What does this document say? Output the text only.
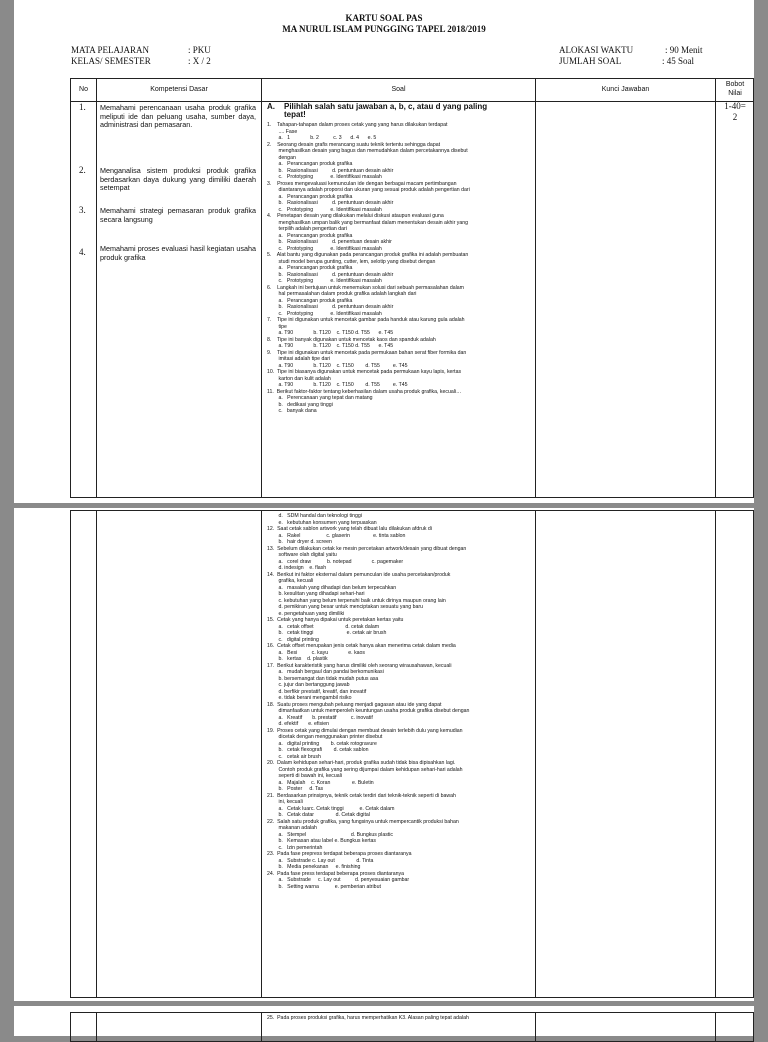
KARTU SOAL PAS
MA NURUL ISLAM PUNGGING TAPEL 2018/2019
MATA PELAJARAN	: PKU
KELAS/ SEMESTER	: X / 2
ALOKASI WAKTU	: 90 Menit
JUMLAH SOAL	: 45 Soal
No	Kompetensi Dasar	Soal	Kunci Jawaban
Bobot
Nilai
1. Memahami perencanaan usaha produk grafika meliputi ide dan peluang usaha, sumber daya, administrasi dan pemasaran.
2. Menganalisa sistem produksi produk grafika berdasarkan daya dukung yang dimiliki daerah setempat
3. Memahami strategi pemasaran produk grafika secara langsung
4. Memahami proses evaluasi hasil kegiatan usaha produk grafika
A. Pilihlah salah satu jawaban a, b, c, atau d yang paling
tepat!
1.    Tahapan-tahapan dalam proses cetak yang yang harus dilakukan terdapat
.... Fase
a.   1              b. 2          c. 3      d. 4      e. 5
2.    Seorang desain grafis merancang suatu teknik tertentu sehingga dapat
menghasilkan desain yang bagus dan memudahkan dalam percetakannya disebut
dengan
a.   Perancangan produk grafika
b.   Rasionalisasi          d. pentuntuan desain akhir
c.   Prototyping            e. Identifikasi masalah
3.    Proses mengevaluasi kemunculan ide dengan berbagai macam pertimbangan
diantaranya adalah proporsi dan ukuran yang sesuai produk adalah pengertian dari
a.   Perancangan produk grafika
b.   Rasionalisasi          d. pentuntuan desain akhir
c.   Prototyping            e. Identifikasi masalah
4.    Penetapan desain yang dilakukan melalui diskusi ataupun evaluasi guna
menghasilkan umpan balik yang bermanfaat dalam menentukan desain akhir yang
terpilih adalah pengertian dari
a.   Perancangan produk grafika
b.   Rasionalisasi          d. penentuan desain akhir
c.   Prototyping            e. Identifikasi masalah
5.    Alat bantu yang digunakan pada perancangan produk grafika ini adalah pembuatan
studi model berupa gunting, cutter, lem, selotip yang disebut dengan
a.   Perancangan produk grafika
b.   Rasionalisasi          d. pentuntuan desain akhir
c.   Prototyping            e. Identifikasi masalah
6.    Langkah ini bertujuan untuk menemukan solusi dari sebuah permasalahan dalam
hal permasalahan dalam produk grafika adalah langkah dari
a.   Perancangan produk grafika
b.   Rasionalisasi          d. pentuntuan desain akhir
c.   Prototyping            e. Identifikasi masalah
7.    Tipe ini digunakan untuk mencetak gambar pada handuk atau karung gula adalah
tipe
a. T90              b. T120    c. T150 d. T55      e. T45
8.    Tipe ini banyak digunakan untuk mencetak kaos dan spanduk adalah
a. T90              b. T120    c. T150 d. T55      e. T45
9.    Tipe ini digunakan untuk mencetak pada permukaan bahan serat fiber formika dan
imitasi adalah tipe dari
a. T90              b. T120    c. T150        d. T55         e. T45
10.  Tipe ini biasanya digunakan untuk mencetak pada permukaan kayu lapis, kertas
karton dan kulit adalah
a. T90              b. T120    c. T150        d. T55         e. T45
11.  Berikut faktor-faktor tentang keberhasilan dalam usaha produk grafika, kecuali…
a.   Perencanaan yang tepat dan matang
b.   dedikasi yang tinggi
c.   banyak dana
1-40=
2
d.   SDM handal dan teknologi tinggi
e.   kebutuhan konsumen yang terpuaskan
12.  Saat cetak sablon artwork yang telah dibuat lalu dilakukan afdruk di
a.   Rakel                  c. glaserin                e. tinta sablon
b.   hair dryer d. screen
13.  Sebelum dilakukan cetak ke mesin percetakan artwork/desain yang dibuat dengan
software olah digital yaitu
a.   corel draw           b. notepad              c. pagemaker
d. indesign    e. flash
14.  Berikut ini faktor eksternal dalam pemunculan ide usaha percetakan/produk
grafika, kecuali
a.   masalah yang dihadapi dan belum terpecahkan
b. kesulitan yang dihadapi sehari-hari
c. kebutuhan yang belum terpenuhi baik untuk dirinya maupun orang lain
d. pemikiran yang besar untuk menciptakan sesuatu yang baru
e. pengetahuan yang dimiliki
15.  Cetak yang hanya dipakai untuk peretakan kertas yaitu
a.   cetak offset                      d. cetak dalam
b.   cetak tinggi                       e. cetak air brush
c.   digital printing
16.  Cetak offset merupakan jenis cetak hanya akan menerima cetak dalam media
a.   Besi          c. kayu              e. kaos
b.   kertas    d. plastik
17.  Berikut karakteristik yang harus dimiliki oleh seorang wirausahawan, kecuali
a.   mudah bergaul dan pandai berkomunikasi
b. bersemangat dan tidak mudah putus asa
c. jujur dan bertanggung jawab
d. berfikir prestatif, kreatif, dan inovatif
e. tidak berani mengambil risiko
18.  Suatu proses mengubah peluang menjadi gagasan atau ide yang dapat
dimanfaatkan untuk memperoleh keuntungan usaha produk grafika disebut dengan
a.   Kreatif       b. prestatif          c. inovatif
d. efektif       e. efisien
19.  Proses cetak yang dimulai dengan membuat desain terlebih dulu yang kemudian
dicetak dengan menggunakan printer disebut
a.   digital printing        b. cetak rotogravure
b.   cetak flexografi        d. cetak sablon
c.   cetak air brush
20.  Dalam kehidupan sehari-hari, produk grafika sudah tidak bisa dipisahkan lagi.
Contoh produk grafika yang sering dijumpai dalam kehidupan sehari-hari adalah
seperti di bawah ini, kecuali
a.   Majalah    c. Koran               e. Buletin
b.   Poster     d. Tas
21.  Berdasarkan prinsipnya, teknik cetak terdiri dari teknik-teknik seperti di bawah
ini, kecuali
a.   Cetak luarc. Cetak tinggi           e. Cetak dalam
b.   Cetak datar               d. Cetak digital
22.  Salah satu produk grafika, yang fungsinya untuk mempercantik produksi bahan
makanan adalah
a.   Stempel                               d. Bungkus plastic
b.   Kemasan atau label e. Bungkus kertas
c.   Izin pemerintah
23.  Pada fase prepress terdapat beberapa proses diantaranya
a.   Substrade c. Lay out               d. Tinta
b.   Media penekanan     e. finishing
24.  Pada fase press terdapat beberapa proses diantaranya
a.   Substrade     c. Lay out          d. penyesuaian gambar
b.   Setting warna           e. pemberian atribut
25.  Pada proses produksi grafika, harus memperhatikan K3. Alasan paling tepat adalah
